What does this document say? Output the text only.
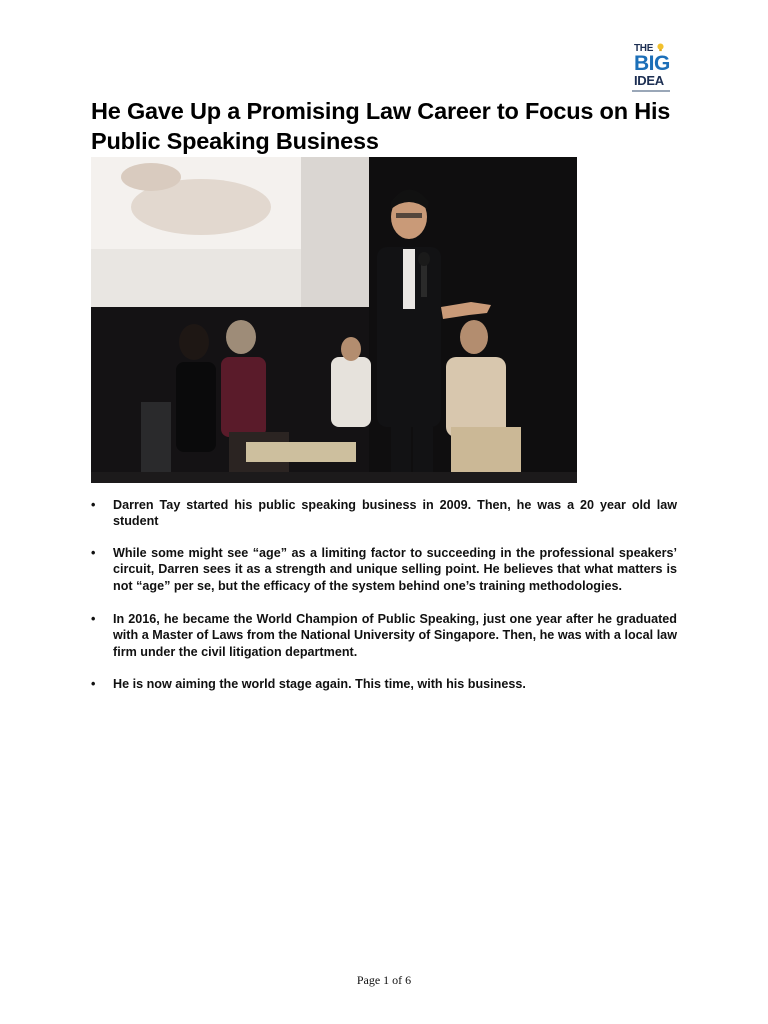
THE
BIG
IDEA
He Gave Up a Promising Law Career to Focus on His Public Speaking Business
•	Darren Tay started his public speaking business in 2009. Then, he was a 20 year old law student
•	While some might see “age” as a limiting factor to succeeding in the professional speakers’ circuit, Darren sees it as a strength and unique selling point. He believes that what matters is not “age” per se, but the efficacy of the system behind one’s training methodologies.
•	In 2016, he became the World Champion of Public Speaking, just one year after he graduated with a Master of Laws from the National University of Singapore. Then, he was with a local law firm under the civil litigation department.
•	He is now aiming the world stage again. This time, with his business.
Page 1 of 6
